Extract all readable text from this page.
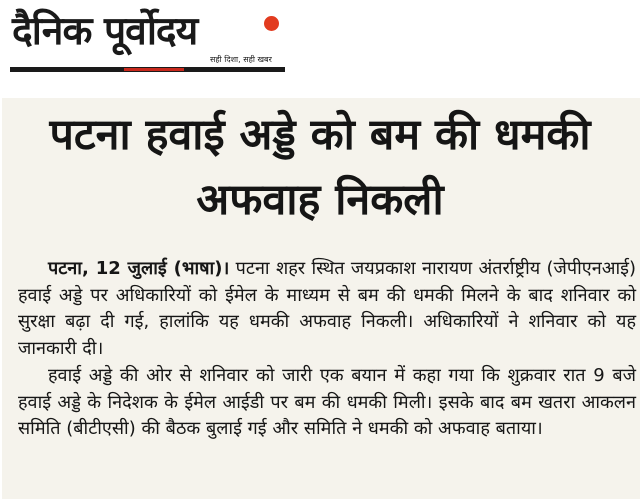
दैनिक पूर्वोदय
सही दिशा, सही खबर
पटना हवाई अड्डे को बम की धमकी अफवाह निकली

पटना, 12 जुलाई (भाषा)। पटना शहर स्थित जयप्रकाश नारायण अंतर्राष्ट्रीय (जेपीएनआई) हवाई अड्डे पर अधिकारियों को ईमेल के माध्यम से बम की धमकी मिलने के बाद शनिवार को सुरक्षा बढ़ा दी गई, हालांकि यह धमकी अफवाह निकली। अधिकारियों ने शनिवार को यह जानकारी दी।

हवाई अड्डे की ओर से शनिवार को जारी एक बयान में कहा गया कि शुक्रवार रात 9 बजे हवाई अड्डे के निदेशक के ईमेल आईडी पर बम की धमकी मिली। इसके बाद बम खतरा आकलन समिति (बीटीएसी) की बैठक बुलाई गई और समिति ने धमकी को अफवाह बताया।
